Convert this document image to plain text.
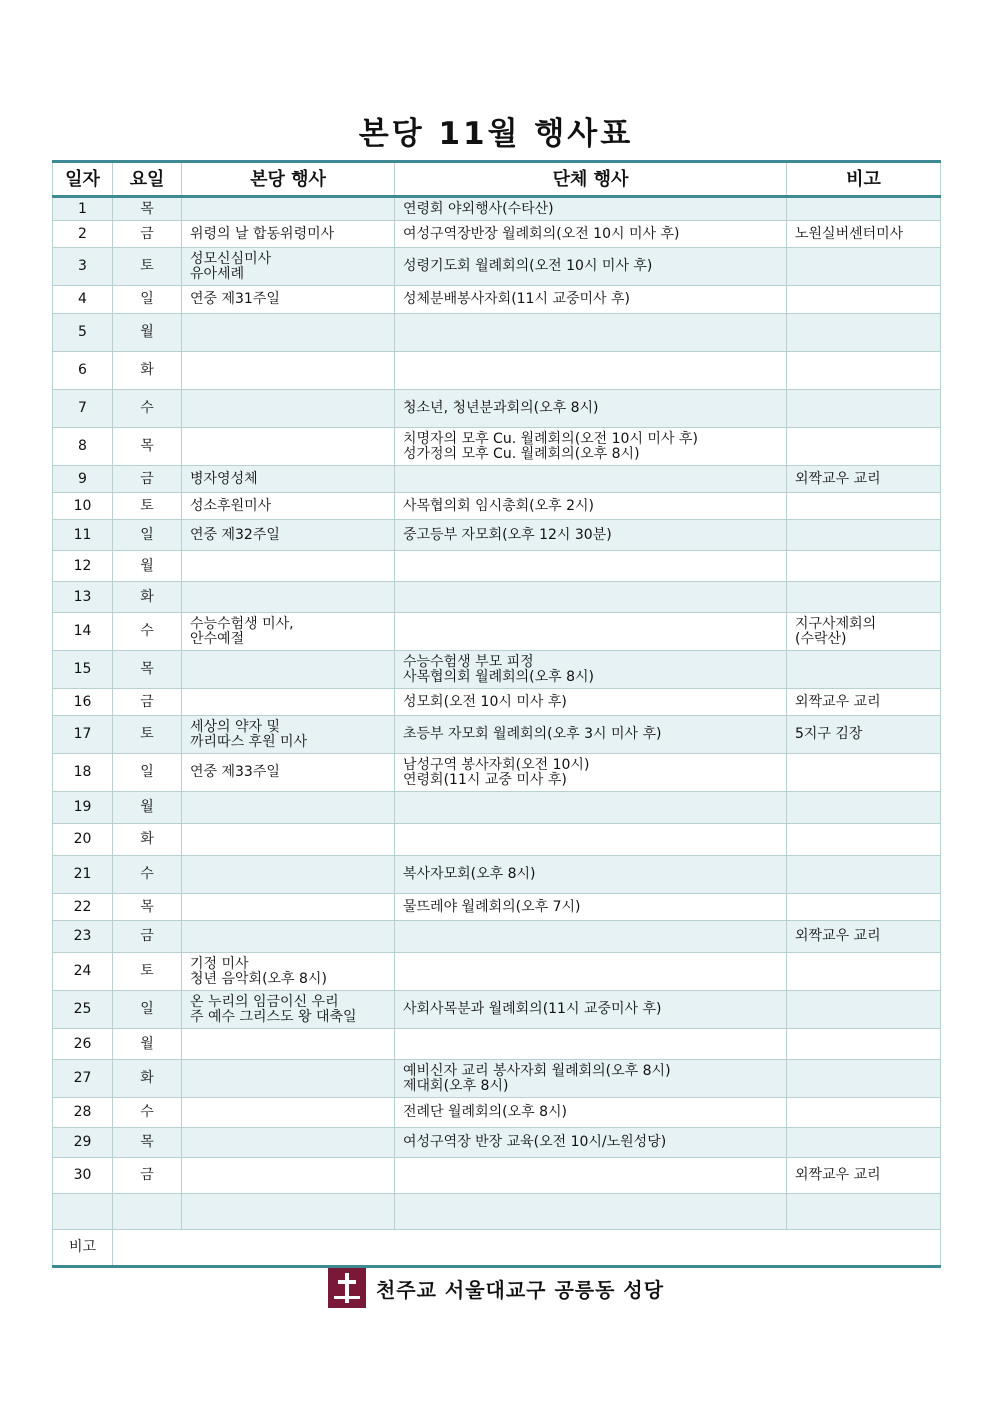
본당 11월 행사표
일자	요일	본당 행사	단체 행사	비고
1	목		연령회 야외행사(수타산)	
2	금	위령의 날 합동위령미사	여성구역장반장 월례회의(오전 10시 미사 후)	노원실버센터미사
3	토	성모신심미사
유아세례	성령기도회 월례회의(오전 10시 미사 후)	
4	일	연중 제31주일	성체분배봉사자회(11시 교중미사 후)	
5	월			
6	화			
7	수		청소년, 청년분과회의(오후 8시)	
8	목		치명자의 모후 Cu. 월례회의(오전 10시 미사 후)
성가정의 모후 Cu. 월례회의(오후 8시)	
9	금	병자영성체		외짝교우 교리
10	토	성소후원미사	사목협의회 임시총회(오후 2시)	
11	일	연중 제32주일	중고등부 자모회(오후 12시 30분)	
12	월			
13	화			
14	수	수능수험생 미사,
안수예절		지구사제회의
(수락산)
15	목		수능수험생 부모 피정
사목협의회 월례회의(오후 8시)	
16	금		성모회(오전 10시 미사 후)	외짝교우 교리
17	토	세상의 약자 및
까리따스 후원 미사	초등부 자모회 월례회의(오후 3시 미사 후)	5지구 김장
18	일	연중 제33주일	남성구역 봉사자회(오전 10시)
연령회(11시 교중 미사 후)	
19	월			
20	화			
21	수		복사자모회(오후 8시)	
22	목		물뜨레야 월례회의(오후 7시)	
23	금			외짝교우 교리
24	토	기정 미사
청년 음악회(오후 8시)		
25	일	온 누리의 임금이신 우리
주 예수 그리스도 왕 대축일	사회사목분과 월례회의(11시 교중미사 후)	
26	월			
27	화		예비신자 교리 봉사자회 월례회의(오후 8시)
제대회(오후 8시)	
28	수		전례단 월례회의(오후 8시)	
29	목		여성구역장 반장 교육(오전 10시/노원성당)	
30	금			외짝교우 교리

비고				
천주교 서울대교구 공릉동 성당
